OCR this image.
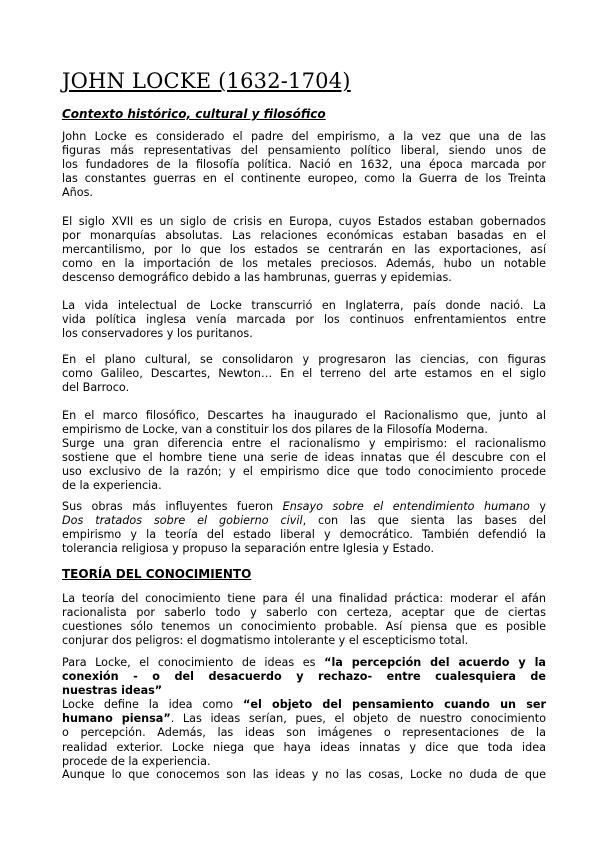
JOHN LOCKE (1632-1704)
Contexto histórico, cultural y filosófico
John Locke es considerado el padre del empirismo, a la vez que una de las
figuras más representativas del pensamiento político liberal, siendo unos de
los fundadores de la filosofía política. Nació en 1632, una época marcada por
las constantes guerras en el continente europeo, como la Guerra de los Treinta
Años.
El siglo XVII es un siglo de crisis en Europa, cuyos Estados estaban gobernados
por monarquías absolutas. Las relaciones económicas estaban basadas en el
mercantilismo, por lo que los estados se centrarán en las exportaciones, así
como en la importación de los metales preciosos. Además, hubo un notable
descenso demográfico debido a las hambrunas, guerras y epidemias.
La vida intelectual de Locke transcurrió en Inglaterra, país donde nació. La
vida política inglesa venía marcada por los continuos enfrentamientos entre
los conservadores y los puritanos.
En el plano cultural, se consolidaron y progresaron las ciencias, con figuras
como Galileo, Descartes, Newton… En el terreno del arte estamos en el siglo
del Barroco.
En el marco filosófico, Descartes ha inaugurado el Racionalismo que, junto al
empirismo de Locke, van a constituir los dos pilares de la Filosofía Moderna.
Surge una gran diferencia entre el racionalismo y empirismo: el racionalismo
sostiene que el hombre tiene una serie de ideas innatas que él descubre con el
uso exclusivo de la razón; y el empirismo dice que todo conocimiento procede
de la experiencia.
Sus obras más influyentes fueron Ensayo sobre el entendimiento humano y
Dos tratados sobre el gobierno civil, con las que sienta las bases del
empirismo y la teoría del estado liberal y democrático. También defendió la
tolerancia religiosa y propuso la separación entre Iglesia y Estado.
TEORÍA DEL CONOCIMIENTO
La teoría del conocimiento tiene para él una finalidad práctica: moderar el afán
racionalista por saberlo todo y saberlo con certeza, aceptar que de ciertas
cuestiones sólo tenemos un conocimiento probable. Así piensa que es posible
conjurar dos peligros: el dogmatismo intolerante y el escepticismo total.
Para Locke, el conocimiento de ideas es “la percepción del acuerdo y la
conexión - o del desacuerdo y rechazo- entre cualesquiera de
nuestras ideas”
Locke define la idea como “el objeto del pensamiento cuando un ser
humano piensa”. Las ideas serían, pues, el objeto de nuestro conocimiento
o percepción. Además, las ideas son imágenes o representaciones de la
realidad exterior. Locke niega que haya ideas innatas y dice que toda idea
procede de la experiencia.
Aunque lo que conocemos son las ideas y no las cosas, Locke no duda de que
